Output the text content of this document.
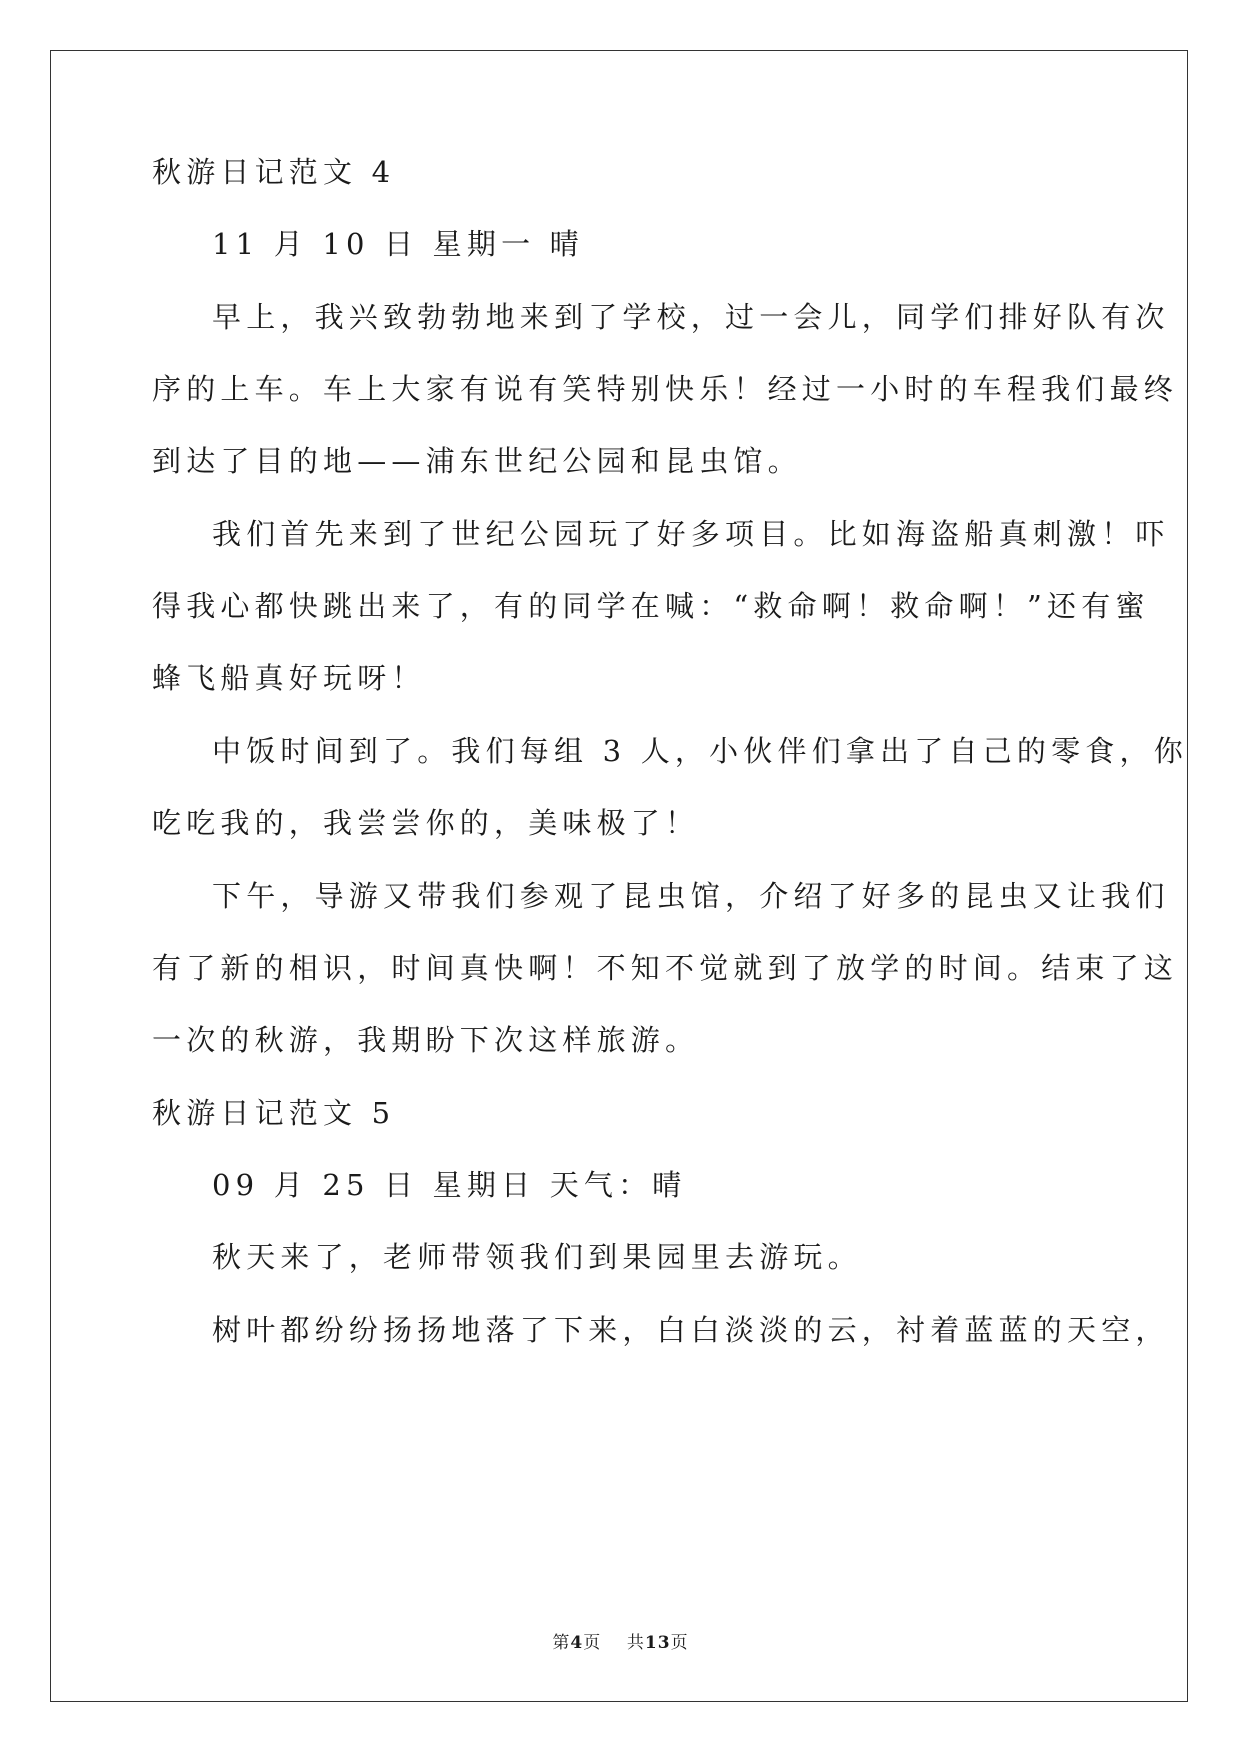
秋游日记范文 4
11 月 10 日 星期一 晴
早上，我兴致勃勃地来到了学校，过一会儿，同学们排好队有次
序的上车。车上大家有说有笑特别快乐！经过一小时的车程我们最终
到达了目的地——浦东世纪公园和昆虫馆。
我们首先来到了世纪公园玩了好多项目。比如海盗船真刺激！吓
得我心都快跳出来了，有的同学在喊：“救命啊！救命啊！”还有蜜
蜂飞船真好玩呀！
中饭时间到了。我们每组 3 人，小伙伴们拿出了自己的零食，你
吃吃我的，我尝尝你的，美味极了！
下午，导游又带我们参观了昆虫馆，介绍了好多的昆虫又让我们
有了新的相识，时间真快啊！不知不觉就到了放学的时间。结束了这
一次的秋游，我期盼下次这样旅游。
秋游日记范文 5
09 月 25 日 星期日 天气：晴
秋天来了，老师带领我们到果园里去游玩。
树叶都纷纷扬扬地落了下来，白白淡淡的云，衬着蓝蓝的天空，
第4页 共13页
